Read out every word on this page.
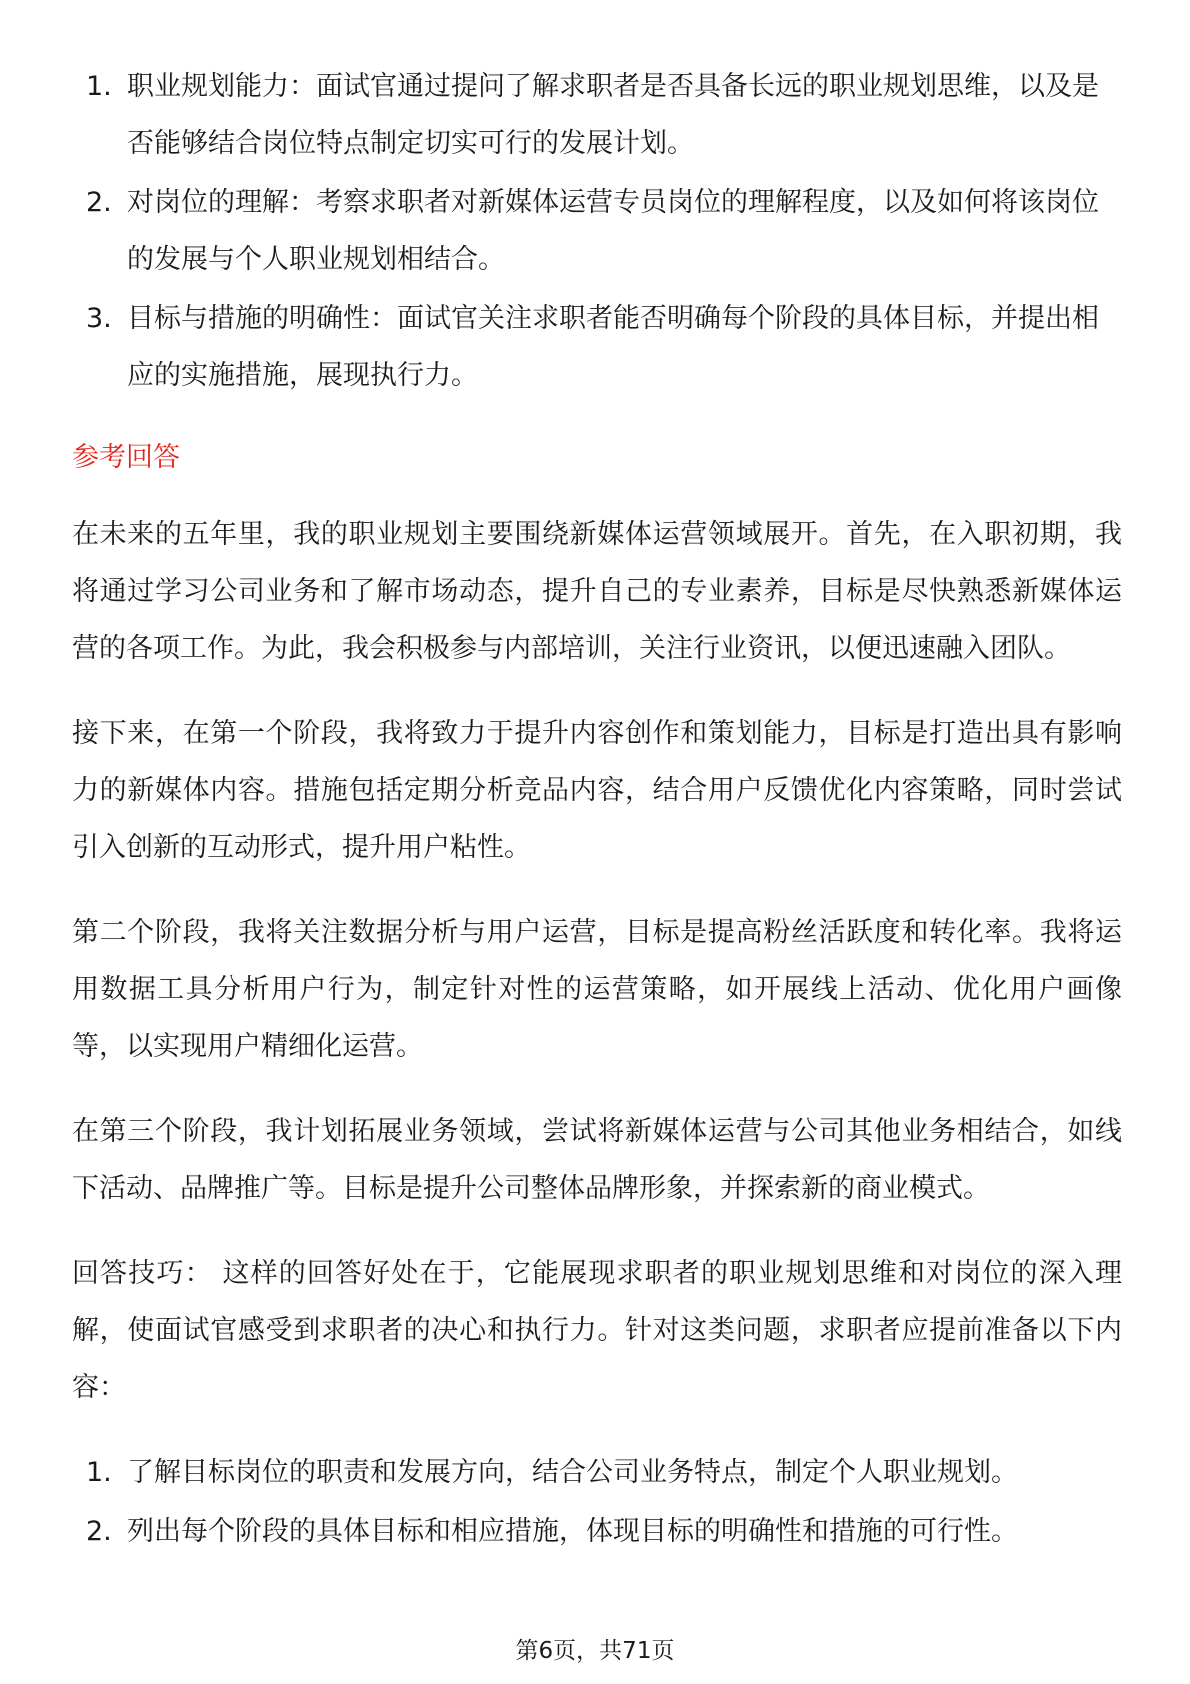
1. 职业规划能力：面试官通过提问了解求职者是否具备长远的职业规划思维，以及是否能够结合岗位特点制定切实可行的发展计划。
2. 对岗位的理解：考察求职者对新媒体运营专员岗位的理解程度，以及如何将该岗位的发展与个人职业规划相结合。
3. 目标与措施的明确性：面试官关注求职者能否明确每个阶段的具体目标，并提出相应的实施措施，展现执行力。
参考回答

在未来的五年里，我的职业规划主要围绕新媒体运营领域展开。首先，在入职初期，我将通过学习公司业务和了解市场动态，提升自己的专业素养，目标是尽快熟悉新媒体运营的各项工作。为此，我会积极参与内部培训，关注行业资讯，以便迅速融入团队。

接下来，在第一个阶段，我将致力于提升内容创作和策划能力，目标是打造出具有影响力的新媒体内容。措施包括定期分析竞品内容，结合用户反馈优化内容策略，同时尝试引入创新的互动形式，提升用户粘性。

第二个阶段，我将关注数据分析与用户运营，目标是提高粉丝活跃度和转化率。我将运用数据工具分析用户行为，制定针对性的运营策略，如开展线上活动、优化用户画像等，以实现用户精细化运营。

在第三个阶段，我计划拓展业务领域，尝试将新媒体运营与公司其他业务相结合，如线下活动、品牌推广等。目标是提升公司整体品牌形象，并探索新的商业模式。

回答技巧： 这样的回答好处在于，它能展现求职者的职业规划思维和对岗位的深入理解，使面试官感受到求职者的决心和执行力。针对这类问题，求职者应提前准备以下内容：

1. 了解目标岗位的职责和发展方向，结合公司业务特点，制定个人职业规划。
2. 列出每个阶段的具体目标和相应措施，体现目标的明确性和措施的可行性。
第6页，共71页
